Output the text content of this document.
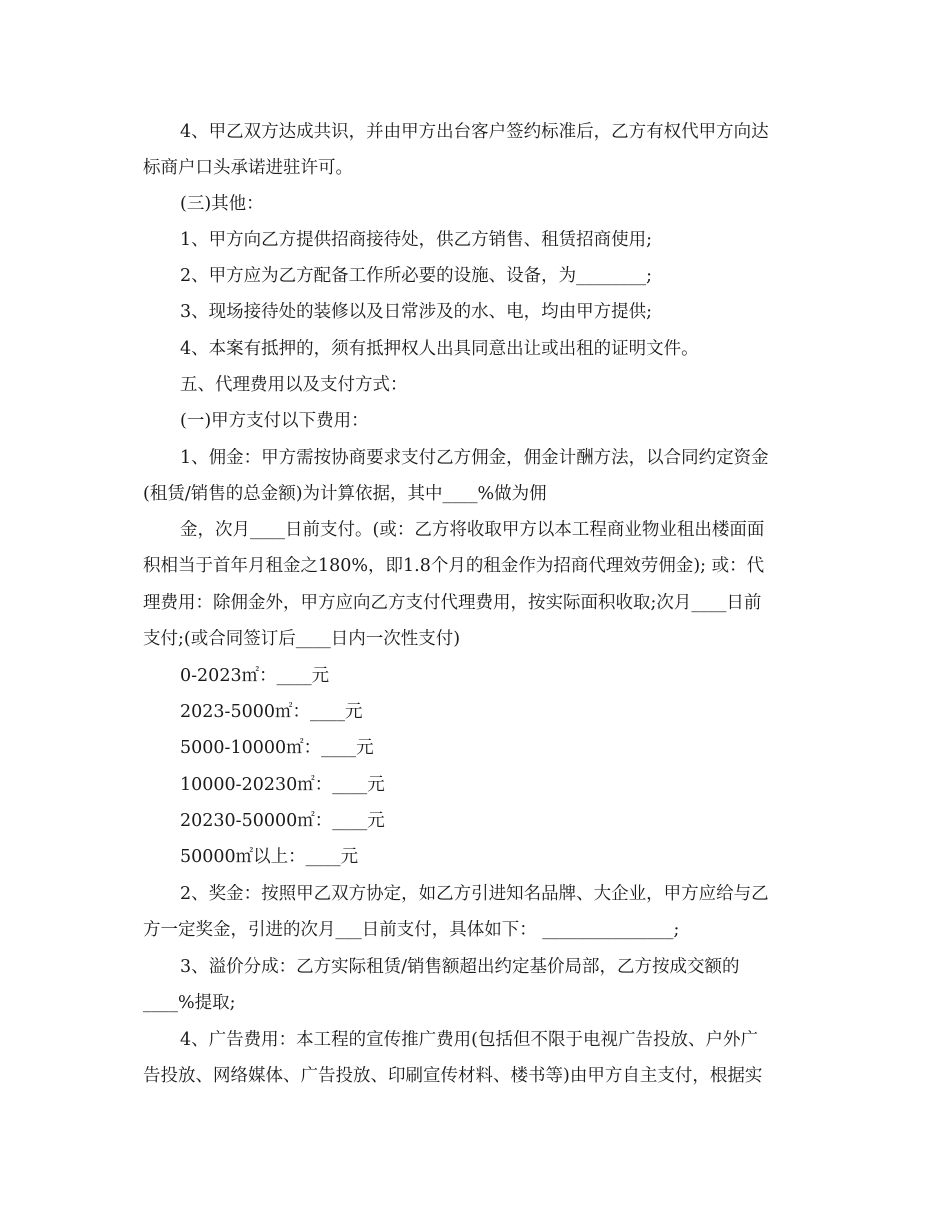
4、甲乙双方达成共识，并由甲方出台客户签约标准后，乙方有权代甲方向达
标商户口头承诺进驻许可。
(三)其他：
1、甲方向乙方提供招商接待处，供乙方销售、租赁招商使用;
2、甲方应为乙方配备工作所必要的设施、设备，为________;
3、现场接待处的装修以及日常涉及的水、电，均由甲方提供;
4、本案有抵押的，须有抵押权人出具同意出让或出租的证明文件。
五、代理费用以及支付方式：
(一)甲方支付以下费用：
1、佣金：甲方需按协商要求支付乙方佣金，佣金计酬方法，以合同约定资金
(租赁/销售的总金额)为计算依据，其中____%做为佣
金，次月____日前支付。(或：乙方将收取甲方以本工程商业物业租出楼面面
积相当于首年月租金之180%，即1.8个月的租金作为招商代理效劳佣金); 或：代
理费用：除佣金外，甲方应向乙方支付代理费用，按实际面积收取;次月____日前
支付;(或合同签订后____日内一次性支付)
0-2023㎡：____元
2023-5000㎡：____元
5000-10000㎡：____元
10000-20230㎡：____元
20230-50000㎡：____元
50000㎡以上：____元
2、奖金：按照甲乙双方协定，如乙方引进知名品牌、大企业，甲方应给与乙
方一定奖金，引进的次月___日前支付，具体如下： _______________;
3、溢价分成：乙方实际租赁/销售额超出约定基价局部，乙方按成交额的
____%提取;
4、广告费用：本工程的宣传推广费用(包括但不限于电视广告投放、户外广
告投放、网络媒体、广告投放、印刷宣传材料、楼书等)由甲方自主支付，根据实
